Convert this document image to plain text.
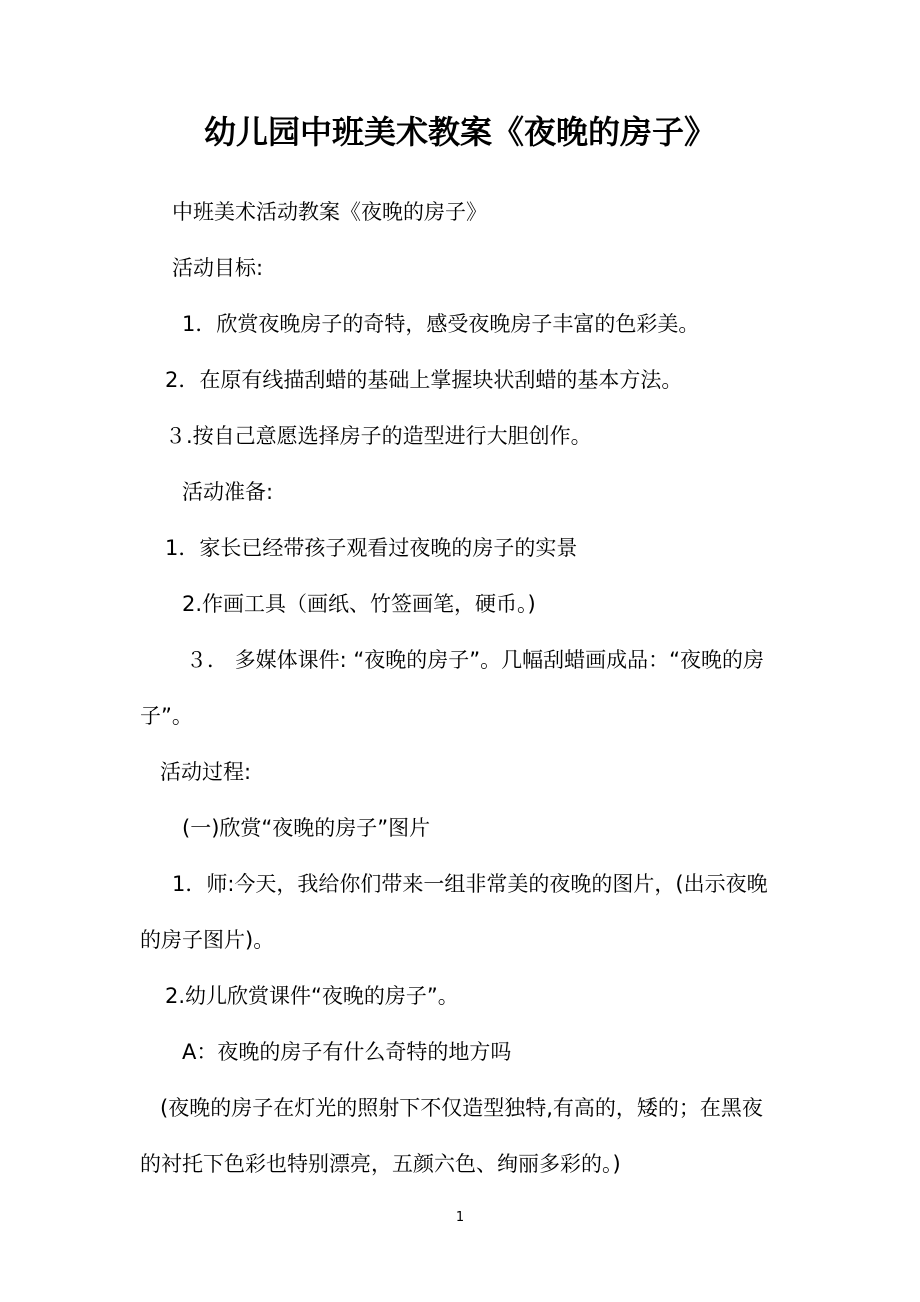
幼儿园中班美术教案《夜晚的房子》
中班美术活动教案《夜晚的房子》
活动目标:
1．欣赏夜晚房子的奇特，感受夜晚房子丰富的色彩美。
2．在原有线描刮蜡的基础上掌握块状刮蜡的基本方法。
３.按自己意愿选择房子的造型进行大胆创作。
活动准备:
1．家长已经带孩子观看过夜晚的房子的实景
2.作画工具（画纸、竹签画笔，硬币。)
３． 多媒体课件: “夜晚的房子”。几幅刮蜡画成品：“夜晚的房
子”。
活动过程:
(一)欣赏“夜晚的房子”图片
1．师:今天，我给你们带来一组非常美的夜晚的图片，(出示夜晚
的房子图片)。
2.幼儿欣赏课件“夜晚的房子”。
A：夜晚的房子有什么奇特的地方吗
(夜晚的房子在灯光的照射下不仅造型独特,有高的，矮的；在黑夜
的衬托下色彩也特别漂亮，五颜六色、绚丽多彩的。)
1
